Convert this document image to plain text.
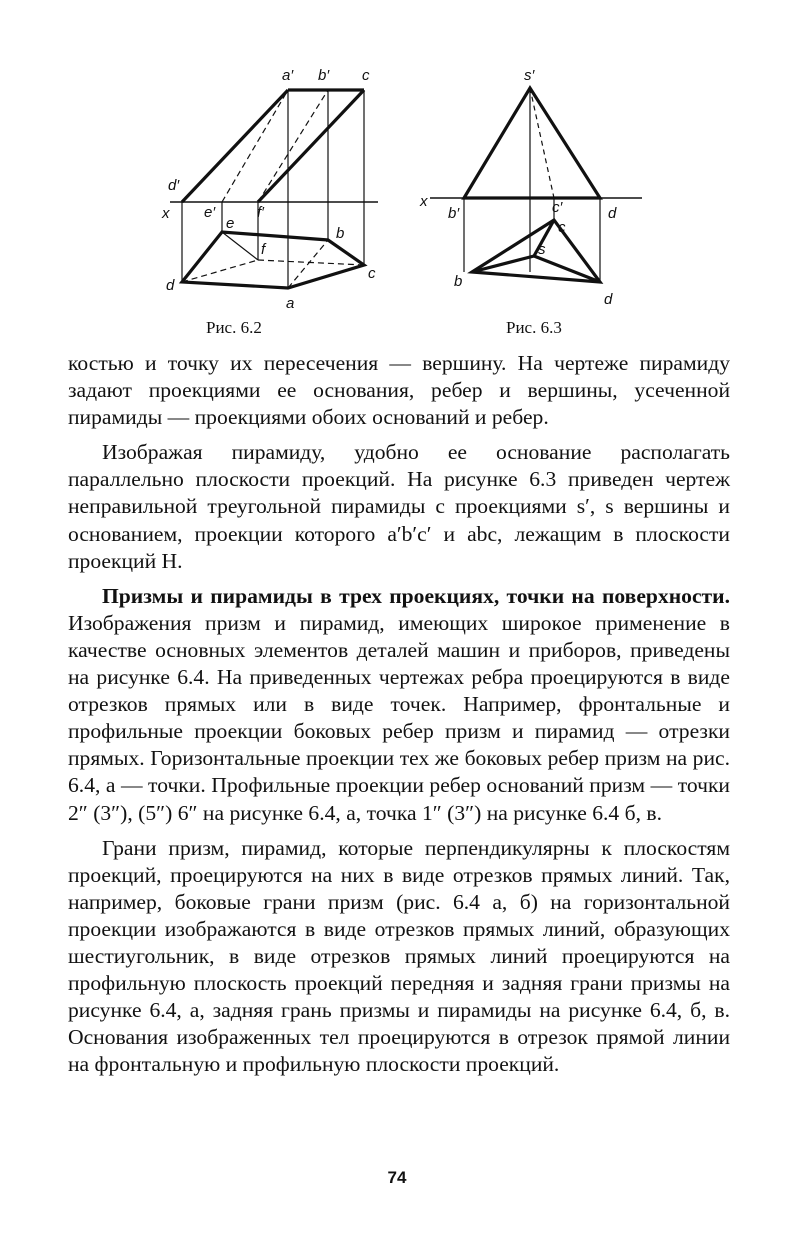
a′ b′ c
d′
x e′	f′
e
f
b
d
c
a
Рис. 6.2
s′
x
b′	c′	d
c
s
b
d
Рис. 6.3

костью и точку их пересечения — вершину. На чертеже пирамиду задают проекциями ее основания, ребер и вершины, усеченной пирамиды — проекциями обоих оснований и ребер.

Изображая пирамиду, удобно ее основание располагать параллельно плоскости проекций. На рисунке 6.3 приведен чертеж неправильной треугольной пирамиды с проекциями s′, s вершины и основанием, проекции которого a′b′c′ и abc, лежащим в плоскости проекций H.

Призмы и пирамиды в трех проекциях, точки на поверхности. Изображения призм и пирамид, имеющих широкое применение в качестве основных элементов деталей машин и приборов, приведены на рисунке 6.4. На приведенных чертежах ребра проецируются в виде отрезков прямых или в виде точек. Например, фронтальные и профильные проекции боковых ребер призм и пирамид — отрезки прямых. Горизонтальные проекции тех же боковых ребер призм на рис. 6.4, а — точки. Профильные проекции ребер оснований призм — точки 2″ (3″), (5″) 6″ на рисунке 6.4, а, точка 1″ (3″) на рисунке 6.4 б, в.

Грани призм, пирамид, которые перпендикулярны к плоскостям проекций, проецируются на них в виде отрезков прямых линий. Так, например, боковые грани призм (рис. 6.4 а, б) на горизонтальной проекции изображаются в виде отрезков прямых линий, образующих шестиугольник, в виде отрезков прямых линий проецируются на профильную плоскость проекций передняя и задняя грани призмы на рисунке 6.4, а, задняя грань призмы и пирамиды на рисунке 6.4, б, в. Основания изображенных тел проецируются в отрезок прямой линии на фронтальную и профильную плоскости проекций.

74
